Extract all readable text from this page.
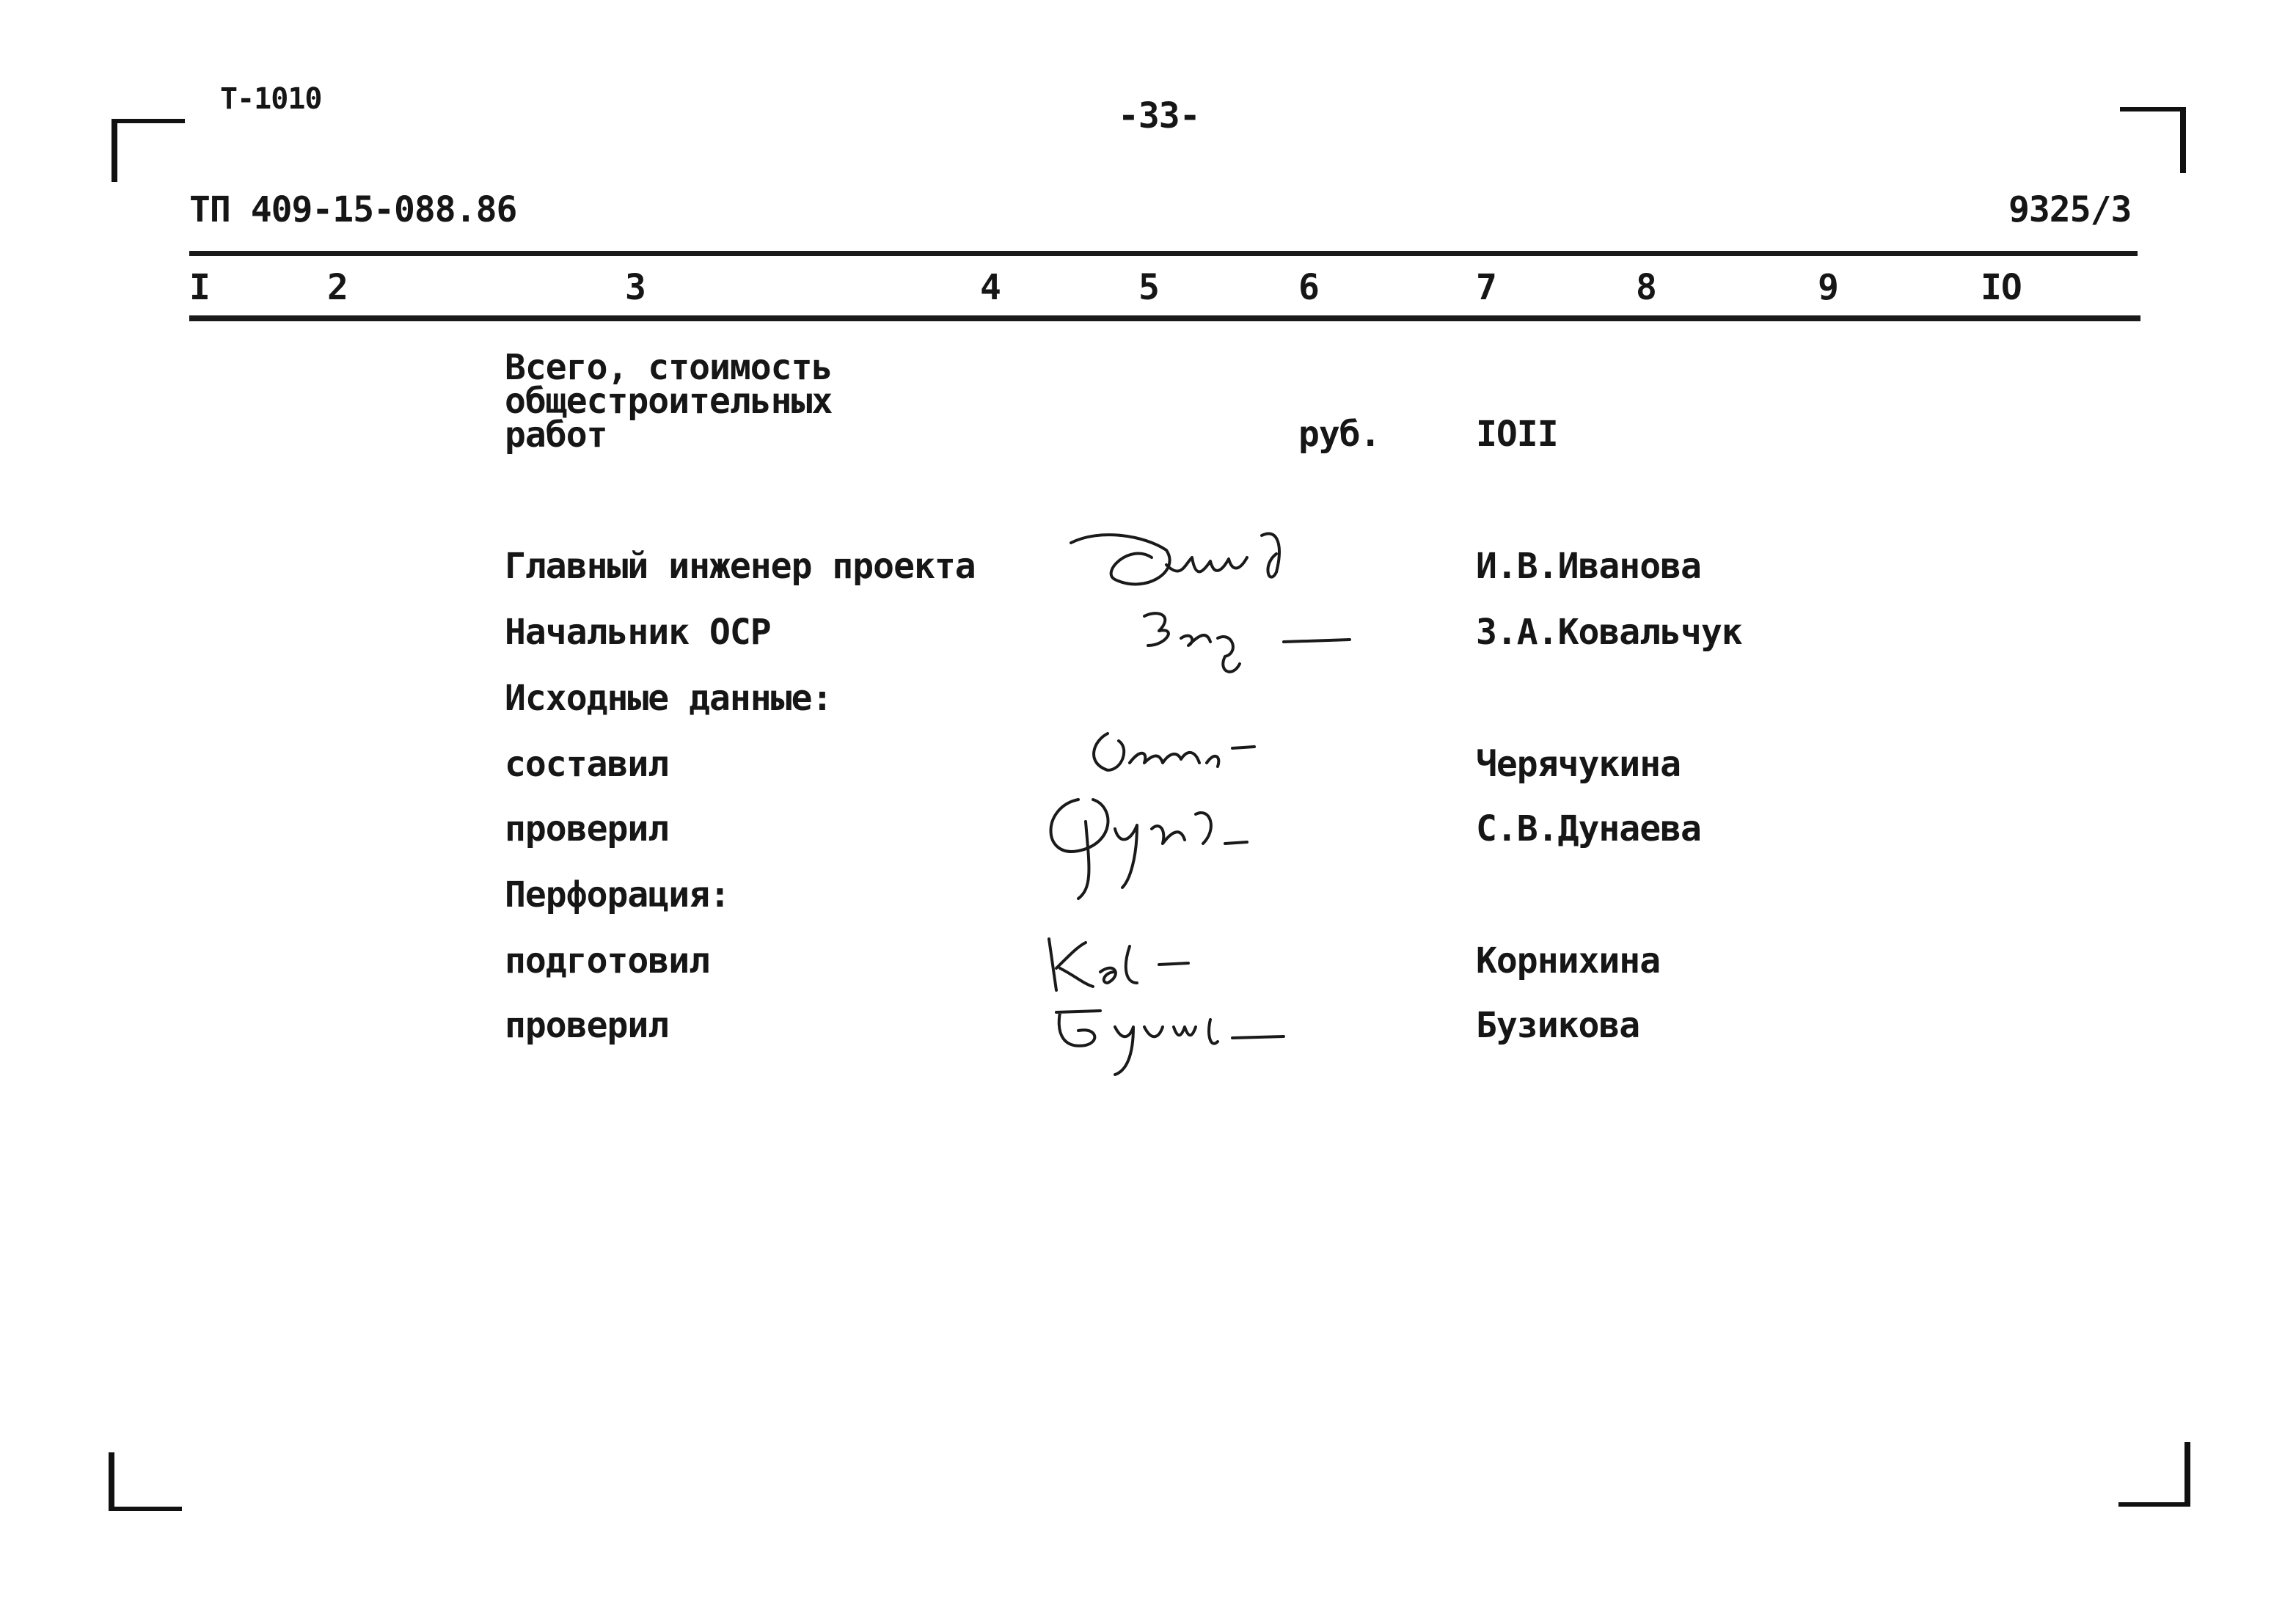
Т-1010	-33-
ТП 409-15-088.86	9325/3
I	2	3	4	5	6	7	8	9	IO
Всего, стоимость
общестроительных
работ	руб.	IOII
Главный инженер проекта	И.В.Иванова
Начальник ОСР	З.А.Ковальчук
Исходные данные:
составил	Черячукина
проверил	С.В.Дунаева
Перфорация:
подготовил	Корнихина
проверил	Бузикова
